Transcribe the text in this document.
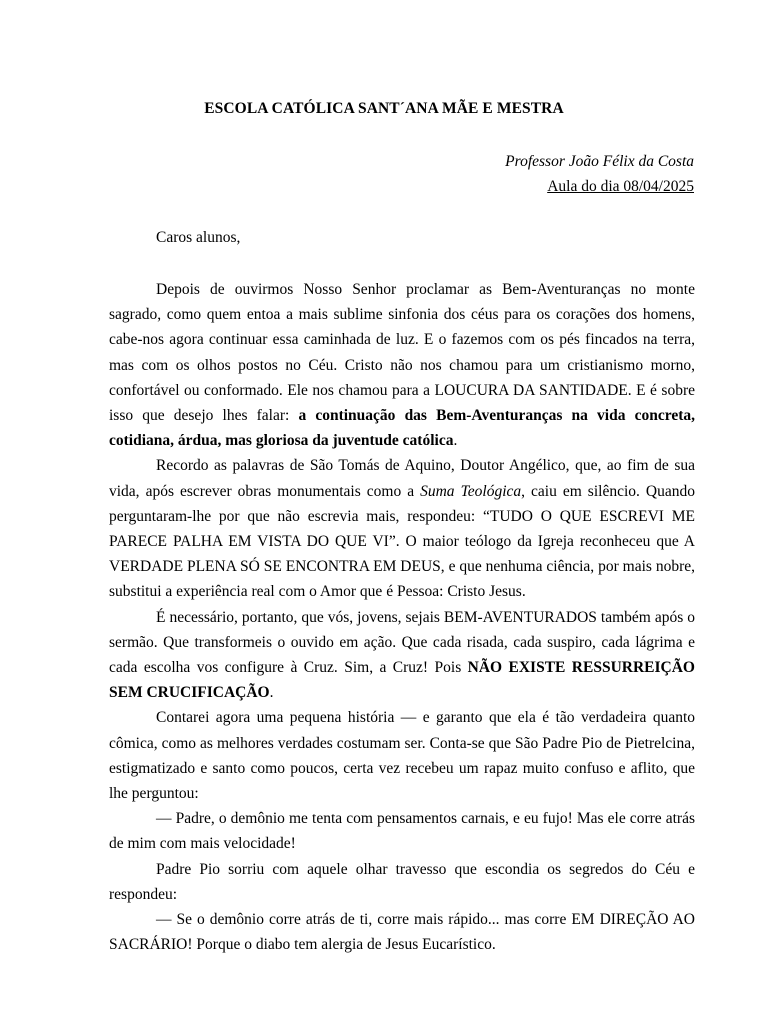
ESCOLA CATÓLICA SANT´ANA MÃE E MESTRA

Professor João Félix da Costa

Aula do dia 08/04/2025

Caros alunos,

Depois de ouvirmos Nosso Senhor proclamar as Bem-Aventuranças no monte sagrado, como quem entoa a mais sublime sinfonia dos céus para os corações dos homens, cabe-nos agora continuar essa caminhada de luz. E o fazemos com os pés fincados na terra, mas com os olhos postos no Céu. Cristo não nos chamou para um cristianismo morno, confortável ou conformado. Ele nos chamou para a LOUCURA DA SANTIDADE. E é sobre isso que desejo lhes falar: a continuação das Bem-Aventuranças na vida concreta, cotidiana, árdua, mas gloriosa da juventude católica.

Recordo as palavras de São Tomás de Aquino, Doutor Angélico, que, ao fim de sua vida, após escrever obras monumentais como a Suma Teológica, caiu em silêncio. Quando perguntaram-lhe por que não escrevia mais, respondeu: “TUDO O QUE ESCREVI ME PARECE PALHA EM VISTA DO QUE VI”. O maior teólogo da Igreja reconheceu que A VERDADE PLENA SÓ SE ENCONTRA EM DEUS, e que nenhuma ciência, por mais nobre, substitui a experiência real com o Amor que é Pessoa: Cristo Jesus.

É necessário, portanto, que vós, jovens, sejais BEM-AVENTURADOS também após o sermão. Que transformeis o ouvido em ação. Que cada risada, cada suspiro, cada lágrima e cada escolha vos configure à Cruz. Sim, a Cruz! Pois NÃO EXISTE RESSURREIÇÃO SEM CRUCIFICAÇÃO.

Contarei agora uma pequena história — e garanto que ela é tão verdadeira quanto cômica, como as melhores verdades costumam ser. Conta-se que São Padre Pio de Pietrelcina, estigmatizado e santo como poucos, certa vez recebeu um rapaz muito confuso e aflito, que lhe perguntou:

— Padre, o demônio me tenta com pensamentos carnais, e eu fujo! Mas ele corre atrás de mim com mais velocidade!

Padre Pio sorriu com aquele olhar travesso que escondia os segredos do Céu e respondeu:

— Se o demônio corre atrás de ti, corre mais rápido... mas corre EM DIREÇÃO AO SACRÁRIO! Porque o diabo tem alergia de Jesus Eucarístico.
